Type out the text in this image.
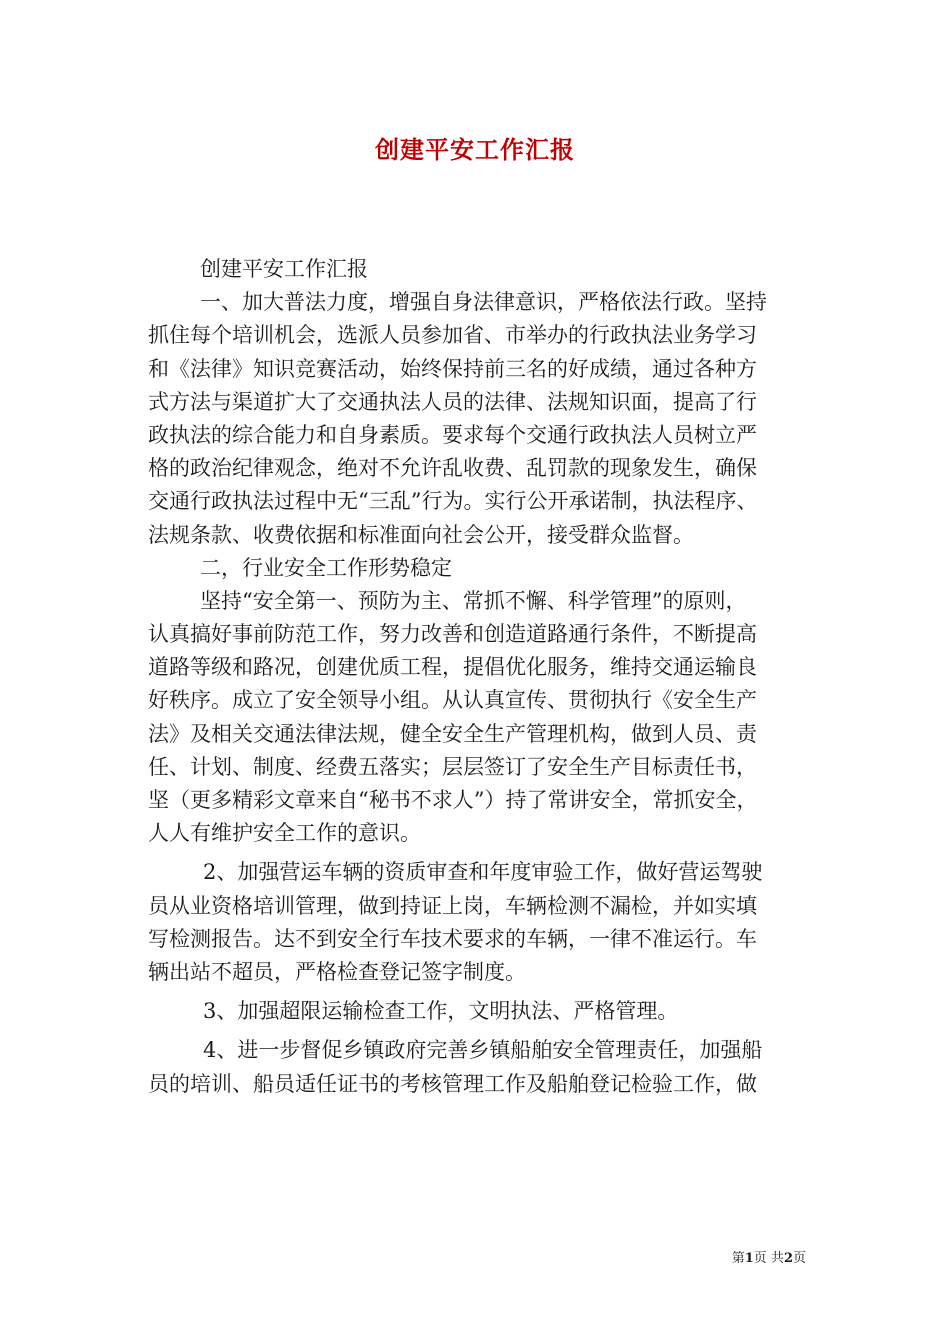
创建平安工作汇报
创建平安工作汇报
一、加大普法力度，增强自身法律意识，严格依法行政。坚持
抓住每个培训机会，选派人员参加省、市举办的行政执法业务学习
和《法律》知识竞赛活动，始终保持前三名的好成绩，通过各种方
式方法与渠道扩大了交通执法人员的法律、法规知识面，提高了行
政执法的综合能力和自身素质。要求每个交通行政执法人员树立严
格的政治纪律观念，绝对不允许乱收费、乱罚款的现象发生，确保
交通行政执法过程中无“三乱”行为。实行公开承诺制，执法程序、
法规条款、收费依据和标准面向社会公开，接受群众监督。
二，行业安全工作形势稳定
坚持“安全第一、预防为主、常抓不懈、科学管理”的原则，
认真搞好事前防范工作，努力改善和创造道路通行条件，不断提高
道路等级和路况，创建优质工程，提倡优化服务，维持交通运输良
好秩序。成立了安全领导小组。从认真宣传、贯彻执行《安全生产
法》及相关交通法律法规，健全安全生产管理机构，做到人员、责
任、计划、制度、经费五落实；层层签订了安全生产目标责任书，
坚（更多精彩文章来自“秘书不求人”）持了常讲安全，常抓安全，
人人有维护安全工作的意识。
2、加强营运车辆的资质审查和年度审验工作，做好营运驾驶
员从业资格培训管理，做到持证上岗，车辆检测不漏检，并如实填
写检测报告。达不到安全行车技术要求的车辆，一律不准运行。车
辆出站不超员，严格检查登记签字制度。
3、加强超限运输检查工作，文明执法、严格管理。
4、进一步督促乡镇政府完善乡镇船舶安全管理责任，加强船
员的培训、船员适任证书的考核管理工作及船舶登记检验工作，做
第1页 共2页
